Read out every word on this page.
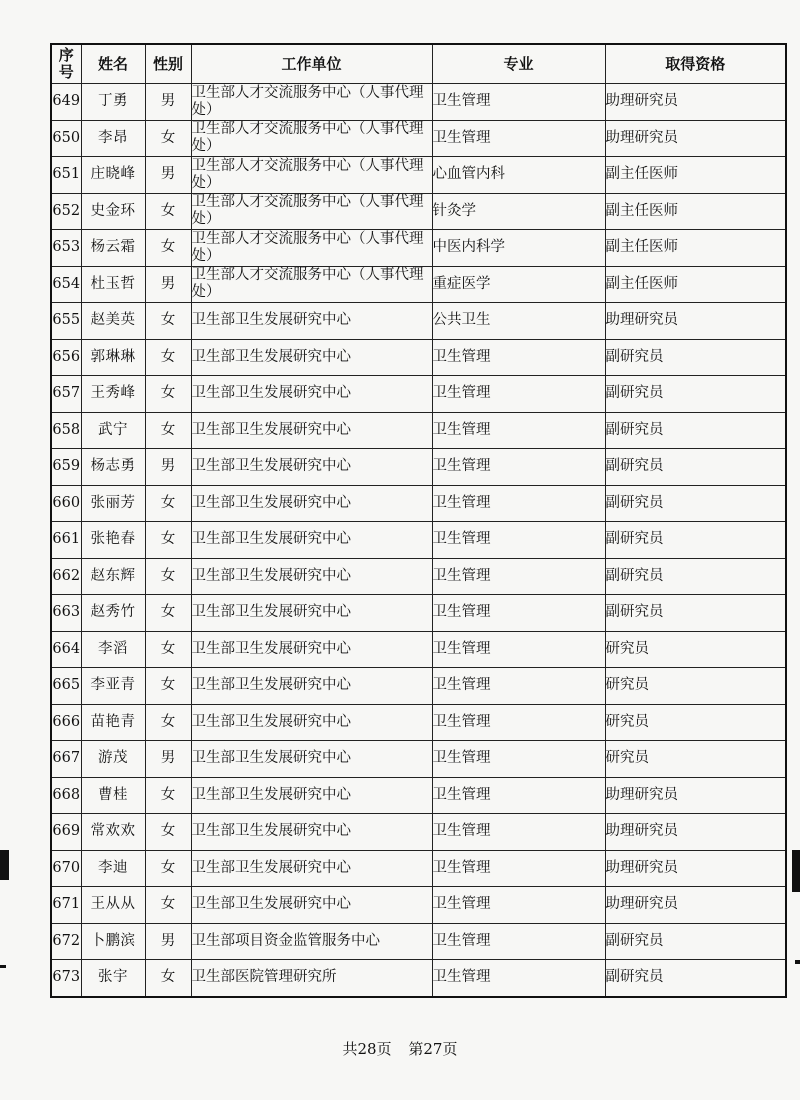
序号	姓名	性别	工作单位	专业	取得资格
649	丁勇	男	卫生部人才交流服务中心（人事代理处）	卫生管理	助理研究员
650	李昂	女	卫生部人才交流服务中心（人事代理处）	卫生管理	助理研究员
651	庄晓峰	男	卫生部人才交流服务中心（人事代理处）	心血管内科	副主任医师
652	史金环	女	卫生部人才交流服务中心（人事代理处）	针灸学	副主任医师
653	杨云霜	女	卫生部人才交流服务中心（人事代理处）	中医内科学	副主任医师
654	杜玉哲	男	卫生部人才交流服务中心（人事代理处）	重症医学	副主任医师
655	赵美英	女	卫生部卫生发展研究中心	公共卫生	助理研究员
656	郭琳琳	女	卫生部卫生发展研究中心	卫生管理	副研究员
657	王秀峰	女	卫生部卫生发展研究中心	卫生管理	副研究员
658	武宁	女	卫生部卫生发展研究中心	卫生管理	副研究员
659	杨志勇	男	卫生部卫生发展研究中心	卫生管理	副研究员
660	张丽芳	女	卫生部卫生发展研究中心	卫生管理	副研究员
661	张艳春	女	卫生部卫生发展研究中心	卫生管理	副研究员
662	赵东辉	女	卫生部卫生发展研究中心	卫生管理	副研究员
663	赵秀竹	女	卫生部卫生发展研究中心	卫生管理	副研究员
664	李滔	女	卫生部卫生发展研究中心	卫生管理	研究员
665	李亚青	女	卫生部卫生发展研究中心	卫生管理	研究员
666	苗艳青	女	卫生部卫生发展研究中心	卫生管理	研究员
667	游茂	男	卫生部卫生发展研究中心	卫生管理	研究员
668	曹桂	女	卫生部卫生发展研究中心	卫生管理	助理研究员
669	常欢欢	女	卫生部卫生发展研究中心	卫生管理	助理研究员
670	李迪	女	卫生部卫生发展研究中心	卫生管理	助理研究员
671	王从从	女	卫生部卫生发展研究中心	卫生管理	助理研究员
672	卜鹏滨	男	卫生部项目资金监管服务中心	卫生管理	副研究员
673	张宇	女	卫生部医院管理研究所	卫生管理	副研究员
共28页 第27页
